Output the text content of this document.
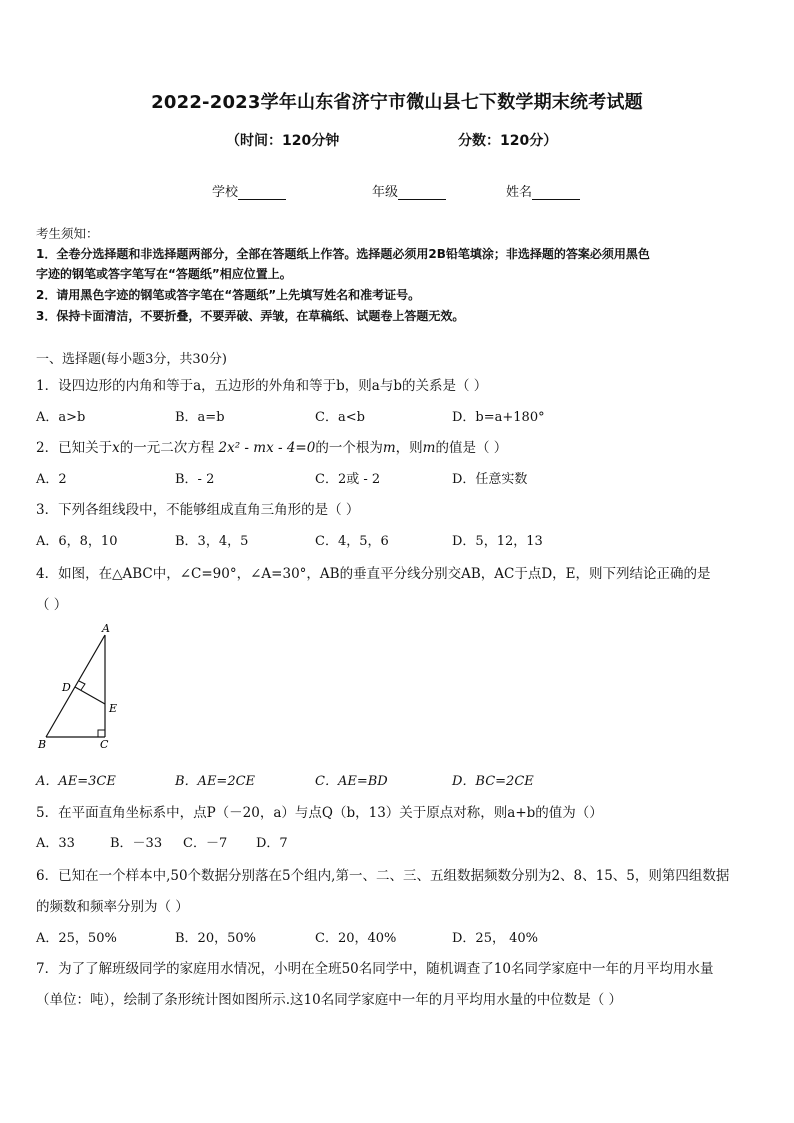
2022-2023学年山东省济宁市微山县七下数学期末统考试题
（时间：120分钟	分数：120分）
学校	年级	姓名
考生须知：
1．全卷分选择题和非选择题两部分，全部在答题纸上作答。选择题必须用2B铅笔填涂；非选择题的答案必须用黑色
字迹的钢笔或答字笔写在“答题纸”相应位置上。
2．请用黑色字迹的钢笔或答字笔在“答题纸”上先填写姓名和准考证号。
3．保持卡面清洁，不要折叠，不要弄破、弄皱，在草稿纸、试题卷上答题无效。
一、选择题(每小题3分，共30分)
1．设四边形的内角和等于a，五边形的外角和等于b，则a与b的关系是（ ）
A．a>b	B．a=b	C．a<b	D．b=a+180°
2．已知关于x的一元二次方程 2x² - mx - 4=0的一个根为m，则m的值是（ ）
A．2	B．- 2	C．2或 - 2	D．任意实数
3．下列各组线段中，不能够组成直角三角形的是（ ）
A．6，8，10	B．3，4，5	C．4，5，6	D．5，12，13
4．如图，在△ABC中，∠C=90°，∠A=30°，AB的垂直平分线分别交AB，AC于点D，E，则下列结论正确的是
（ ）
A
B	C
D
E
A．AE=3CE	B．AE=2CE	C．AE=BD	D．BC=2CE
5．在平面直角坐标系中，点P（－20，a）与点Q（b，13）关于原点对称，则a+b的值为（）
A．33	B．－33 C．－7 D．7
6．已知在一个样本中,50个数据分别落在5个组内,第一、二、三、五组数据频数分别为2、8、15、5，则第四组数据
的频数和频率分别为（ ）
A．25，50%	B．20，50%	C．20，40%	D．25， 40%
7．为了了解班级同学的家庭用水情况，小明在全班50名同学中，随机调查了10名同学家庭中一年的月平均用水量
（单位：吨），绘制了条形统计图如图所示.这10名同学家庭中一年的月平均用水量的中位数是（ ）
